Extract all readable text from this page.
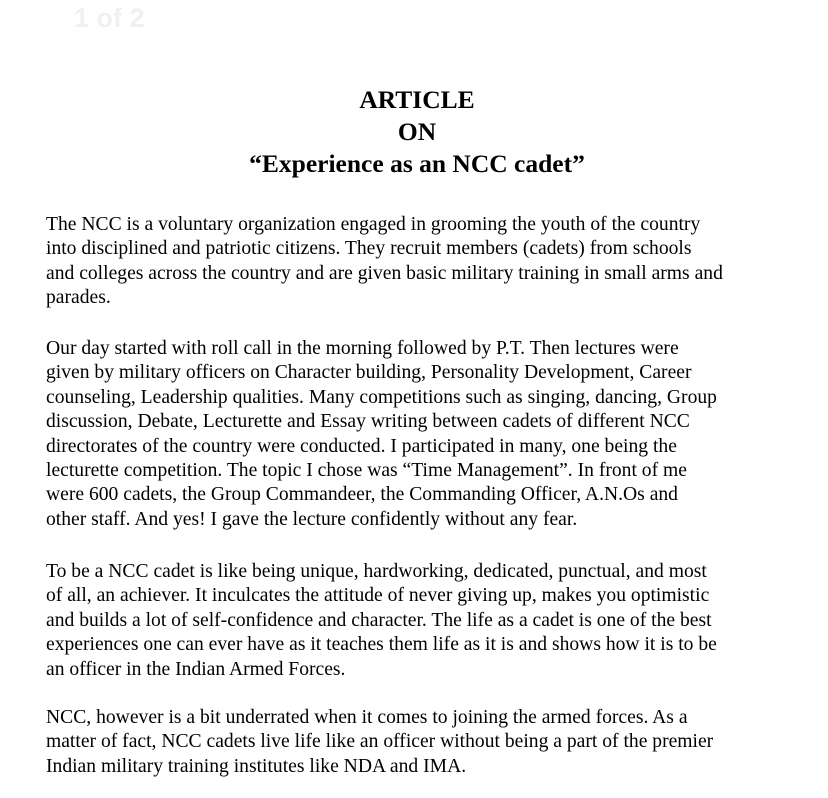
1 of 2
ARTICLE
ON
“Experience as an NCC cadet”

The NCC is a voluntary organization engaged in grooming the youth of the country
into disciplined and patriotic citizens. They recruit members (cadets) from schools
and colleges across the country and are given basic military training in small arms and
parades.

Our day started with roll call in the morning followed by P.T. Then lectures were
given by military officers on Character building, Personality Development, Career
counseling, Leadership qualities. Many competitions such as singing, dancing, Group
discussion, Debate, Lecturette and Essay writing between cadets of different NCC
directorates of the country were conducted. I participated in many, one being the
lecturette competition. The topic I chose was “Time Management”. In front of me
were 600 cadets, the Group Commandeer, the Commanding Officer, A.N.Os and
other staff. And yes! I gave the lecture confidently without any fear.

To be a NCC cadet is like being unique, hardworking, dedicated, punctual, and most
of all, an achiever. It inculcates the attitude of never giving up, makes you optimistic
and builds a lot of self-confidence and character. The life as a cadet is one of the best
experiences one can ever have as it teaches them life as it is and shows how it is to be
an officer in the Indian Armed Forces.

NCC, however is a bit underrated when it comes to joining the armed forces. As a
matter of fact, NCC cadets live life like an officer without being a part of the premier
Indian military training institutes like NDA and IMA.
